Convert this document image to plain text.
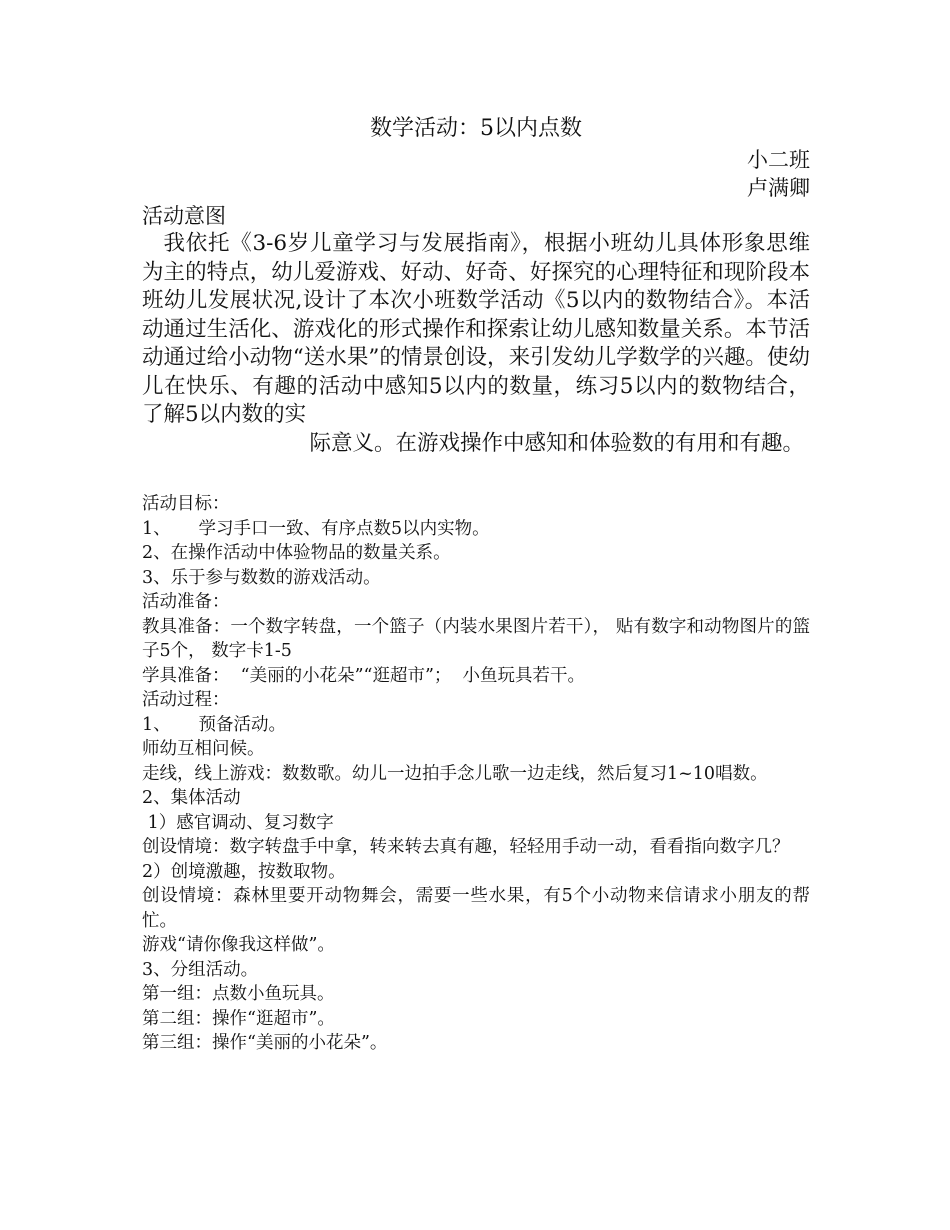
数学活动：5以内点数
小二班
卢满卿
活动意图

我依托《3-6岁儿童学习与发展指南》，根据小班幼儿具体形象思维为主的特点，幼儿爱游戏、好动、好奇、好探究的心理特征和现阶段本班幼儿发展状况,设计了本次小班数学活动《5以内的数物结合》。本活动通过生活化、游戏化的形式操作和探索让幼儿感知数量关系。本节活动通过给小动物“送水果”的情景创设，来引发幼儿学数学的兴趣。使幼儿在快乐、有趣的活动中感知5以内的数量，练习5以内的数物结合，了解5以内数的实

际意义。在游戏操作中感知和体验数的有用和有趣。
活动目标：
1、     学习手口一致、有序点数5以内实物。
2、在操作活动中体验物品的数量关系。
3、乐于参与数数的游戏活动。
活动准备：
教具准备：一个数字转盘，一个篮子（内装水果图片若干）， 贴有数字和动物图片的篮子5个， 数字卡1-5
学具准备：  “美丽的小花朵”“逛超市”；  小鱼玩具若干。
活动过程：
1、     预备活动。
师幼互相问候。
走线，线上游戏：数数歌。幼儿一边拍手念儿歌一边走线，然后复习1~10唱数。
2、集体活动
1）感官调动、复习数字
创设情境：数字转盘手中拿，转来转去真有趣，轻轻用手动一动，看看指向数字几？
2）创境激趣，按数取物。
创设情境：森林里要开动物舞会，需要一些水果，有5个小动物来信请求小朋友的帮忙。
游戏“请你像我这样做”。
3、分组活动。
第一组：点数小鱼玩具。
第二组：操作“逛超市”。
第三组：操作“美丽的小花朵”。
